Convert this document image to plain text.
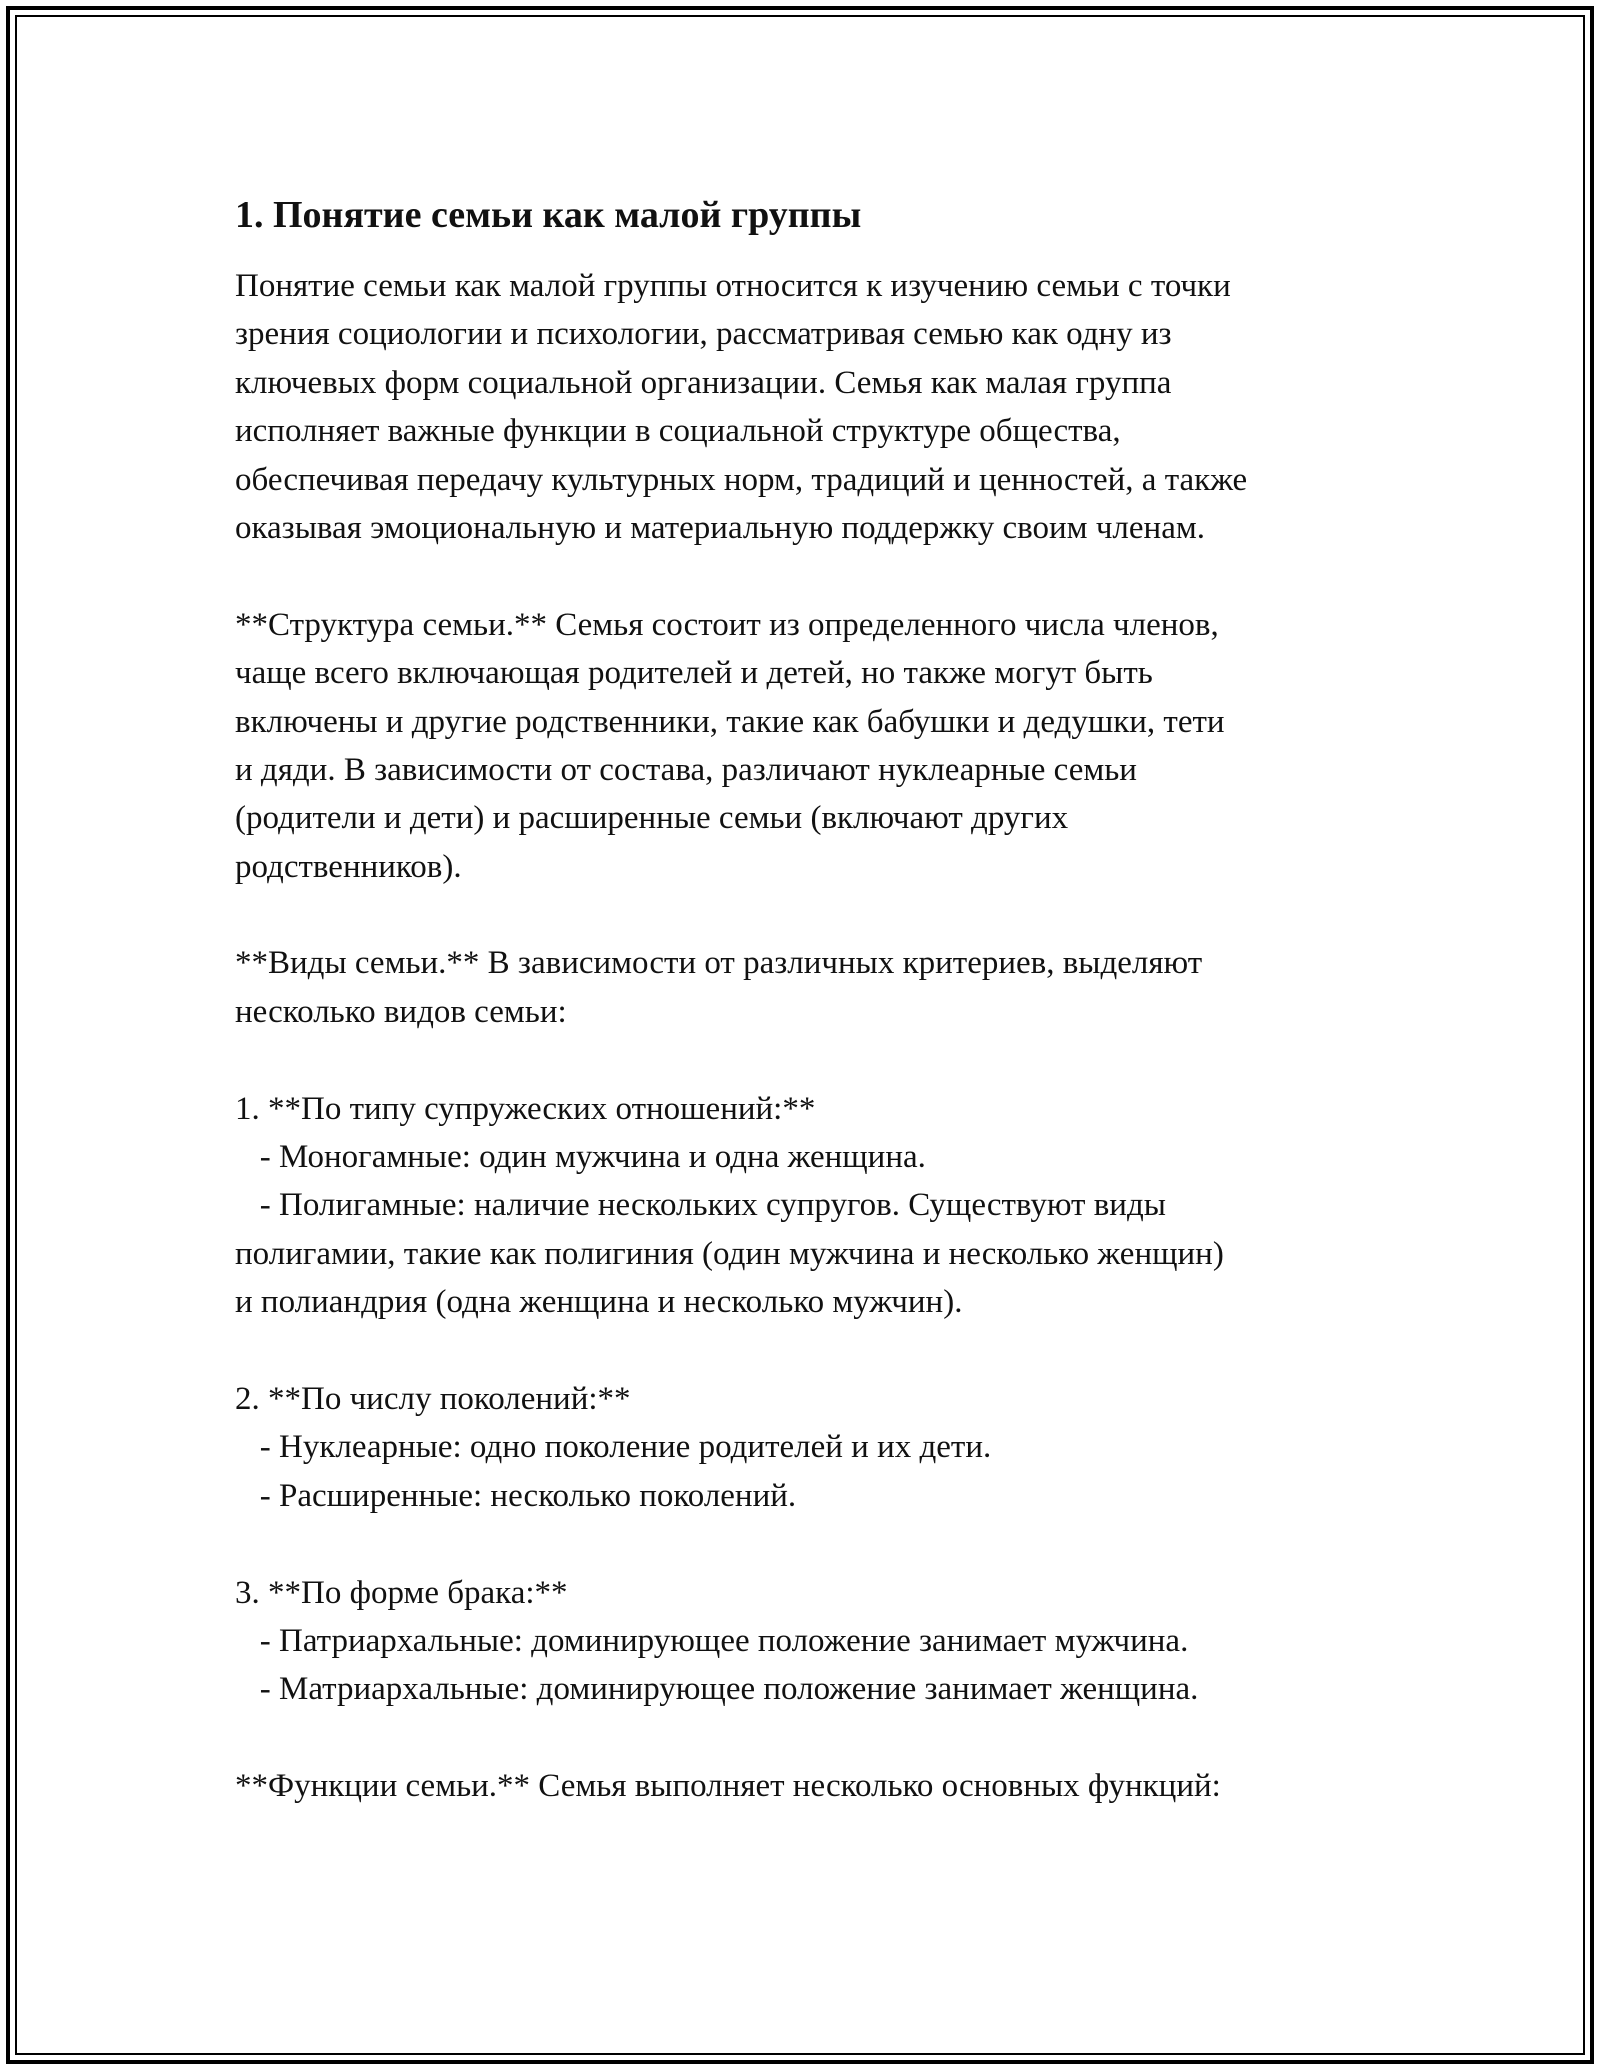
1. Понятие семьи как малой группы
Понятие семьи как малой группы относится к изучению семьи с точки
зрения социологии и психологии, рассматривая семью как одну из
ключевых форм социальной организации. Семья как малая группа
исполняет важные функции в социальной структуре общества,
обеспечивая передачу культурных норм, традиций и ценностей, а также
оказывая эмоциональную и материальную поддержку своим членам.
**Структура семьи.** Семья состоит из определенного числа членов,
чаще всего включающая родителей и детей, но также могут быть
включены и другие родственники, такие как бабушки и дедушки, тети
и дяди. В зависимости от состава, различают нуклеарные семьи
(родители и дети) и расширенные семьи (включают других
родственников).
**Виды семьи.** В зависимости от различных критериев, выделяют
несколько видов семьи:
1. **По типу супружеских отношений:**
- Моногамные: один мужчина и одна женщина.
- Полигамные: наличие нескольких супругов. Существуют виды
полигамии, такие как полигиния (один мужчина и несколько женщин)
и полиандрия (одна женщина и несколько мужчин).
2. **По числу поколений:**
- Нуклеарные: одно поколение родителей и их дети.
- Расширенные: несколько поколений.
3. **По форме брака:**
- Патриархальные: доминирующее положение занимает мужчина.
- Матриархальные: доминирующее положение занимает женщина.
**Функции семьи.** Семья выполняет несколько основных функций:
